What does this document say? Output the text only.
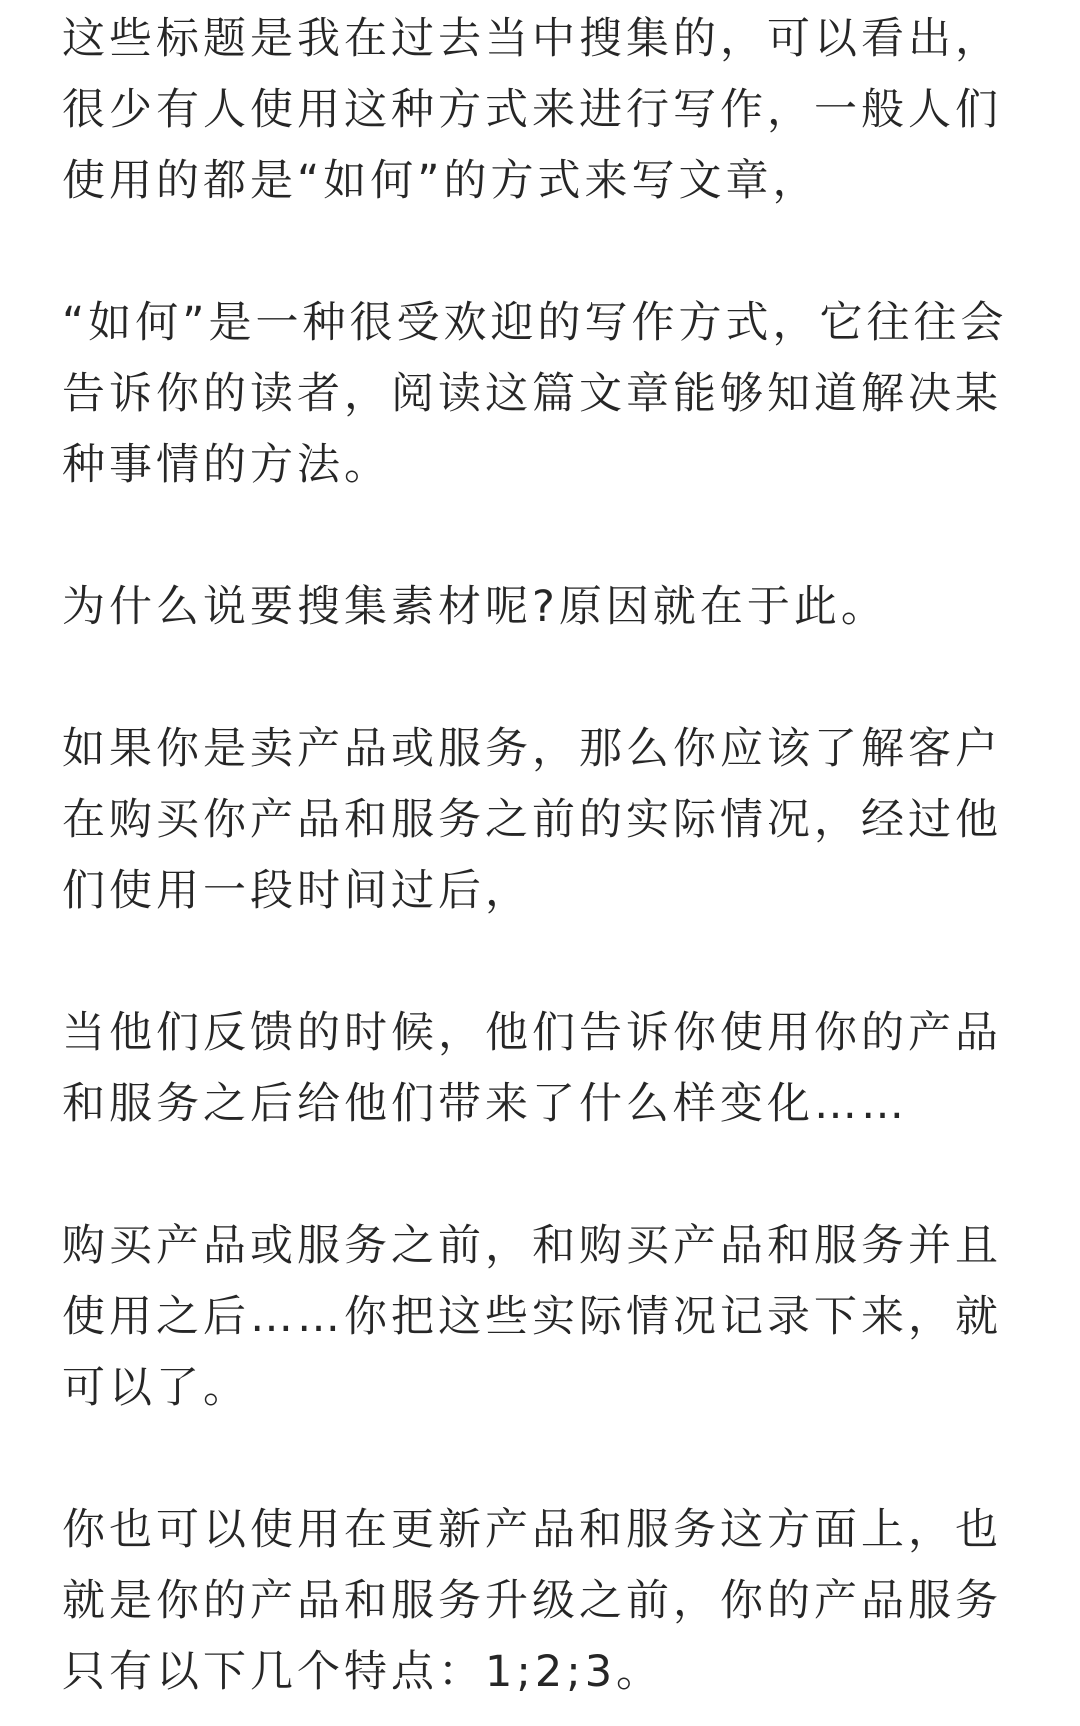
这些标题是我在过去当中搜集的，可以看出，
很少有人使用这种方式来进行写作，一般人们
使用的都是“如何”的方式来写文章，

“如何”是一种很受欢迎的写作方式，它往往会
告诉你的读者，阅读这篇文章能够知道解决某
种事情的方法。

为什么说要搜集素材呢?原因就在于此。

如果你是卖产品或服务，那么你应该了解客户
在购买你产品和服务之前的实际情况，经过他
们使用一段时间过后，

当他们反馈的时候，他们告诉你使用你的产品
和服务之后给他们带来了什么样变化……

购买产品或服务之前，和购买产品和服务并且
使用之后……你把这些实际情况记录下来，就
可以了。

你也可以使用在更新产品和服务这方面上，也
就是你的产品和服务升级之前，你的产品服务
只有以下几个特点：1;2;3。
